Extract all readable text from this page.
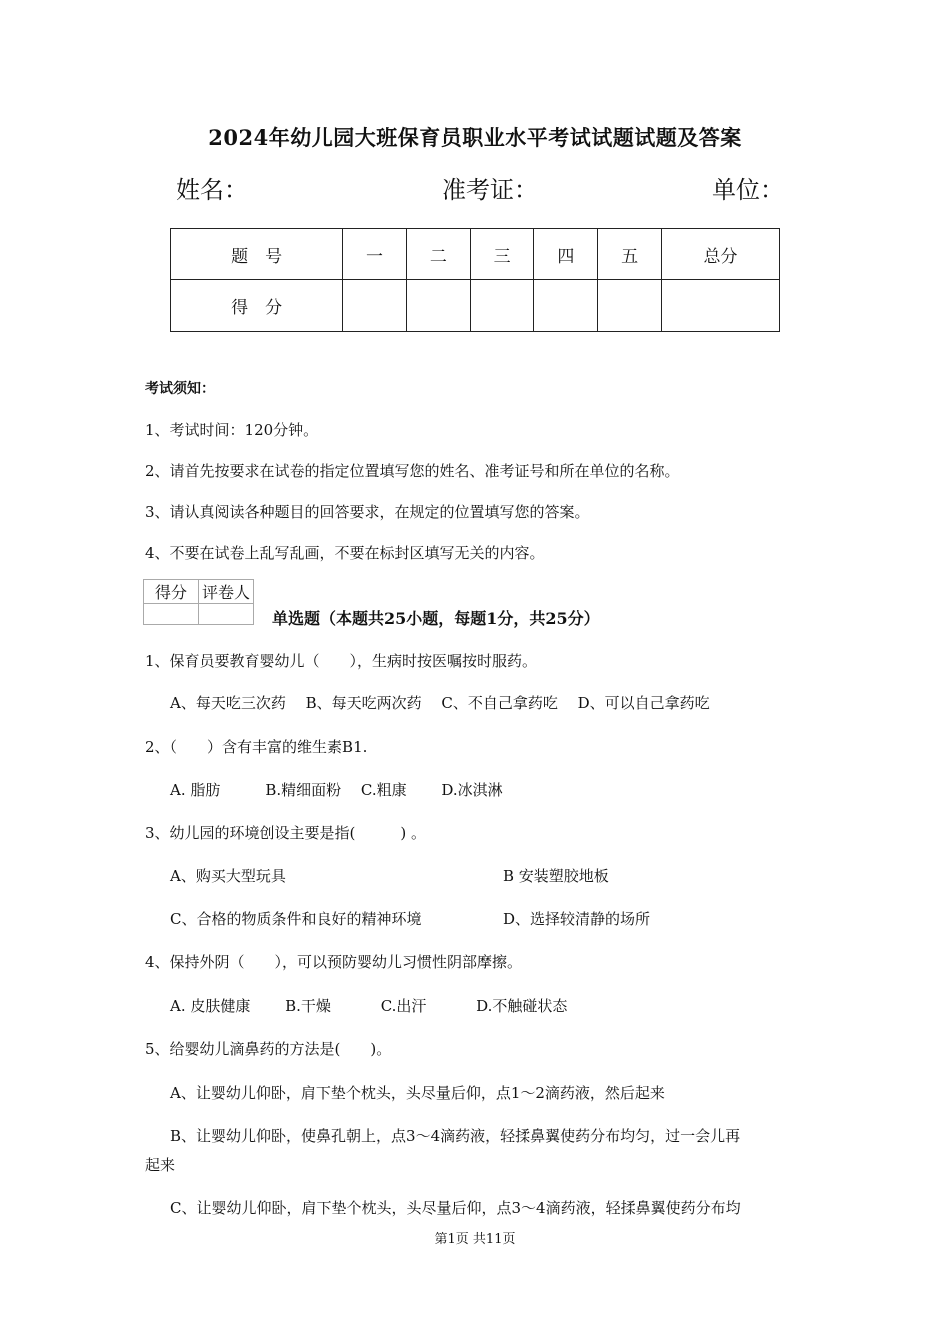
2024年幼儿园大班保育员职业水平考试试题试题及答案
姓名：	准考证：	单位：
题　号	一	二	三	四	五	总分
得　分						
考试须知：
1、考试时间：120分钟。
2、请首先按要求在试卷的指定位置填写您的姓名、准考证号和所在单位的名称。
3、请认真阅读各种题目的回答要求，在规定的位置填写您的答案。
4、不要在试卷上乱写乱画，不要在标封区填写无关的内容。
得分	评卷人

单选题（本题共25小题，每题1分，共25分）
1、保育员要教育婴幼儿（　　），生病时按医嘱按时服药。
A、每天吃三次药　 B、每天吃两次药　 C、不自己拿药吃　 D、可以自己拿药吃
2、（　　）含有丰富的维生素B1.
A. 脂肪　　　B.精细面粉　 C.粗康　　 D.冰淇淋
3、幼儿园的环境创设主要是指(　　　) 。
A、购买大型玩具	B 安装塑胶地板
C、合格的物质条件和良好的精神环境	D、选择较清静的场所
4、保持外阴（　　），可以预防婴幼儿习惯性阴部摩擦。
A. 皮肤健康　　 B.干燥　　　 C.出汗　　　 D.不触碰状态
5、给婴幼儿滴鼻药的方法是(　　)。
A、让婴幼儿仰卧，肩下垫个枕头，头尽量后仰，点1～2滴药液，然后起来
B、让婴幼儿仰卧，使鼻孔朝上，点3～4滴药液，轻揉鼻翼使药分布均匀，过一会儿再
起来
C、让婴幼儿仰卧，肩下垫个枕头，头尽量后仰，点3～4滴药液，轻揉鼻翼使药分布均
第1页 共11页
